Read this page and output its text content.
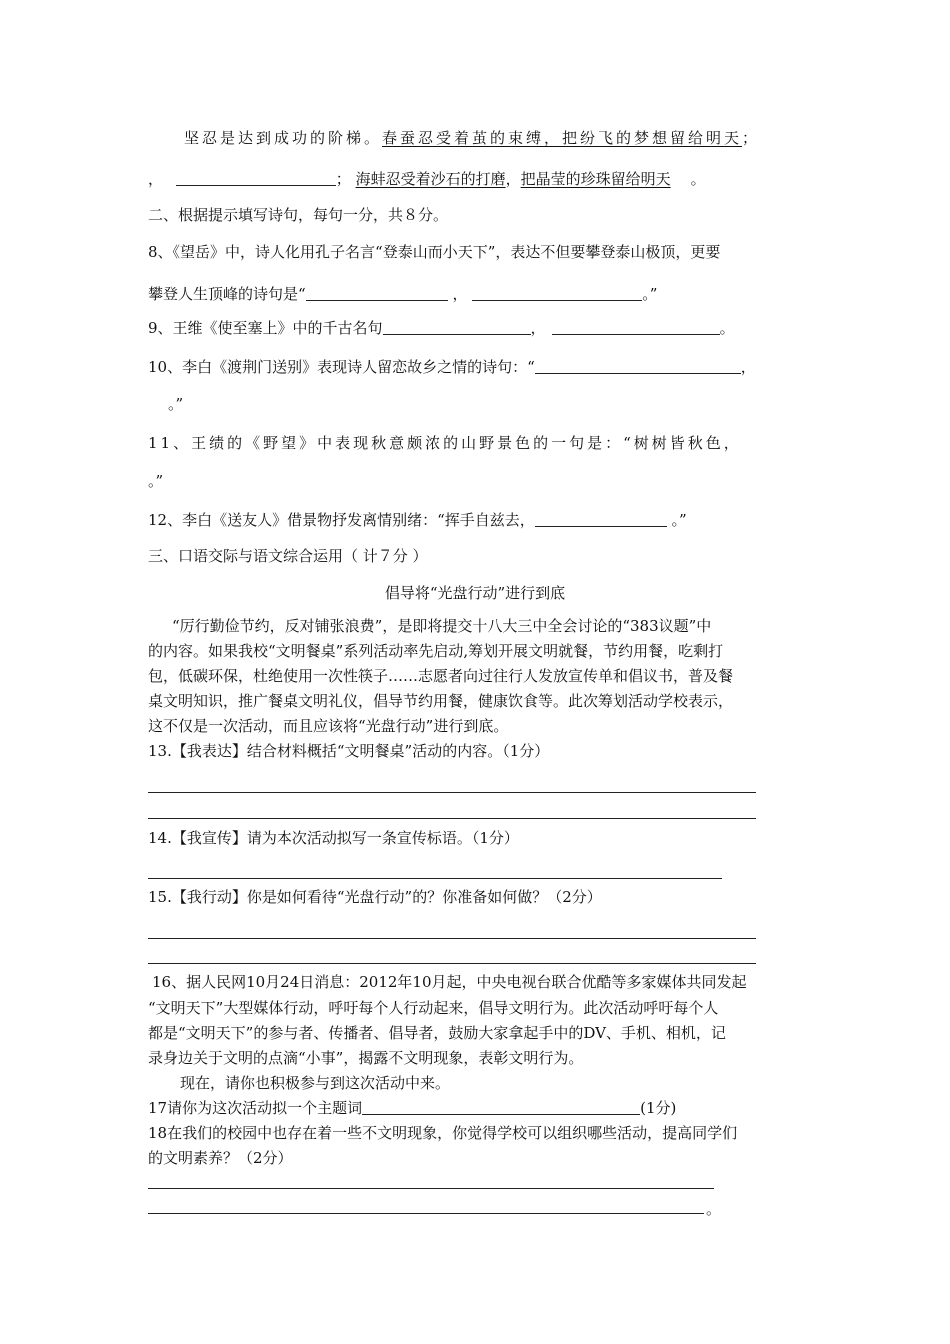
坚忍是达到成功的阶梯。春蚕忍受着茧的束缚，把纷飞的梦想留给明天；
，	； 海蚌忍受着沙石的打磨，把晶莹的珍珠留给明天 。
二、根据提示填写诗句，每句一分，共８分。
8、《望岳》中，诗人化用孔子名言“登泰山而小天下”，表达不但要攀登泰山极顶，更要
攀登人生顶峰的诗句是“	，	。”
9、王维《使至塞上》中的千古名句	，	。
10、李白《渡荆门送别》表现诗人留恋故乡之情的诗句：“	，
。”
11、王绩的《野望》中表现秋意颇浓的山野景色的一句是：“树树皆秋色，
。”
12、李白《送友人》借景物抒发离情别绪：“挥手自兹去，	。”
三、口语交际与语文综合运用（ 计７分 ）
倡导将“光盘行动”进行到底
“厉行勤俭节约，反对铺张浪费”，是即将提交十八大三中全会讨论的“383议题”中
的内容。如果我校“文明餐桌”系列活动率先启动,筹划开展文明就餐，节约用餐，吃剩打
包，低碳环保，杜绝使用一次性筷子……志愿者向过往行人发放宣传单和倡议书，普及餐
桌文明知识，推广餐桌文明礼仪，倡导节约用餐，健康饮食等。此次筹划活动学校表示，
这不仅是一次活动，而且应该将“光盘行动”进行到底。
13.【我表达】结合材料概括“文明餐桌”活动的内容。（1分）
14.【我宣传】请为本次活动拟写一条宣传标语。（1分）
15.【我行动】你是如何看待“光盘行动”的？你准备如何做？（2分）
16、据人民网10月24日消息：2012年10月起，中央电视台联合优酷等多家媒体共同发起
“文明天下”大型媒体行动，呼吁每个人行动起来，倡导文明行为。此次活动呼吁每个人
都是“文明天下”的参与者、传播者、倡导者，鼓励大家拿起手中的DV、手机、相机，记
录身边关于文明的点滴“小事”，揭露不文明现象，表彰文明行为。
现在，请你也积极参与到这次活动中来。
17请你为这次活动拟一个主题词	(1分)
18在我们的校园中也存在着一些不文明现象，你觉得学校可以组织哪些活动，提高同学们
的文明素养？（2分）
。
